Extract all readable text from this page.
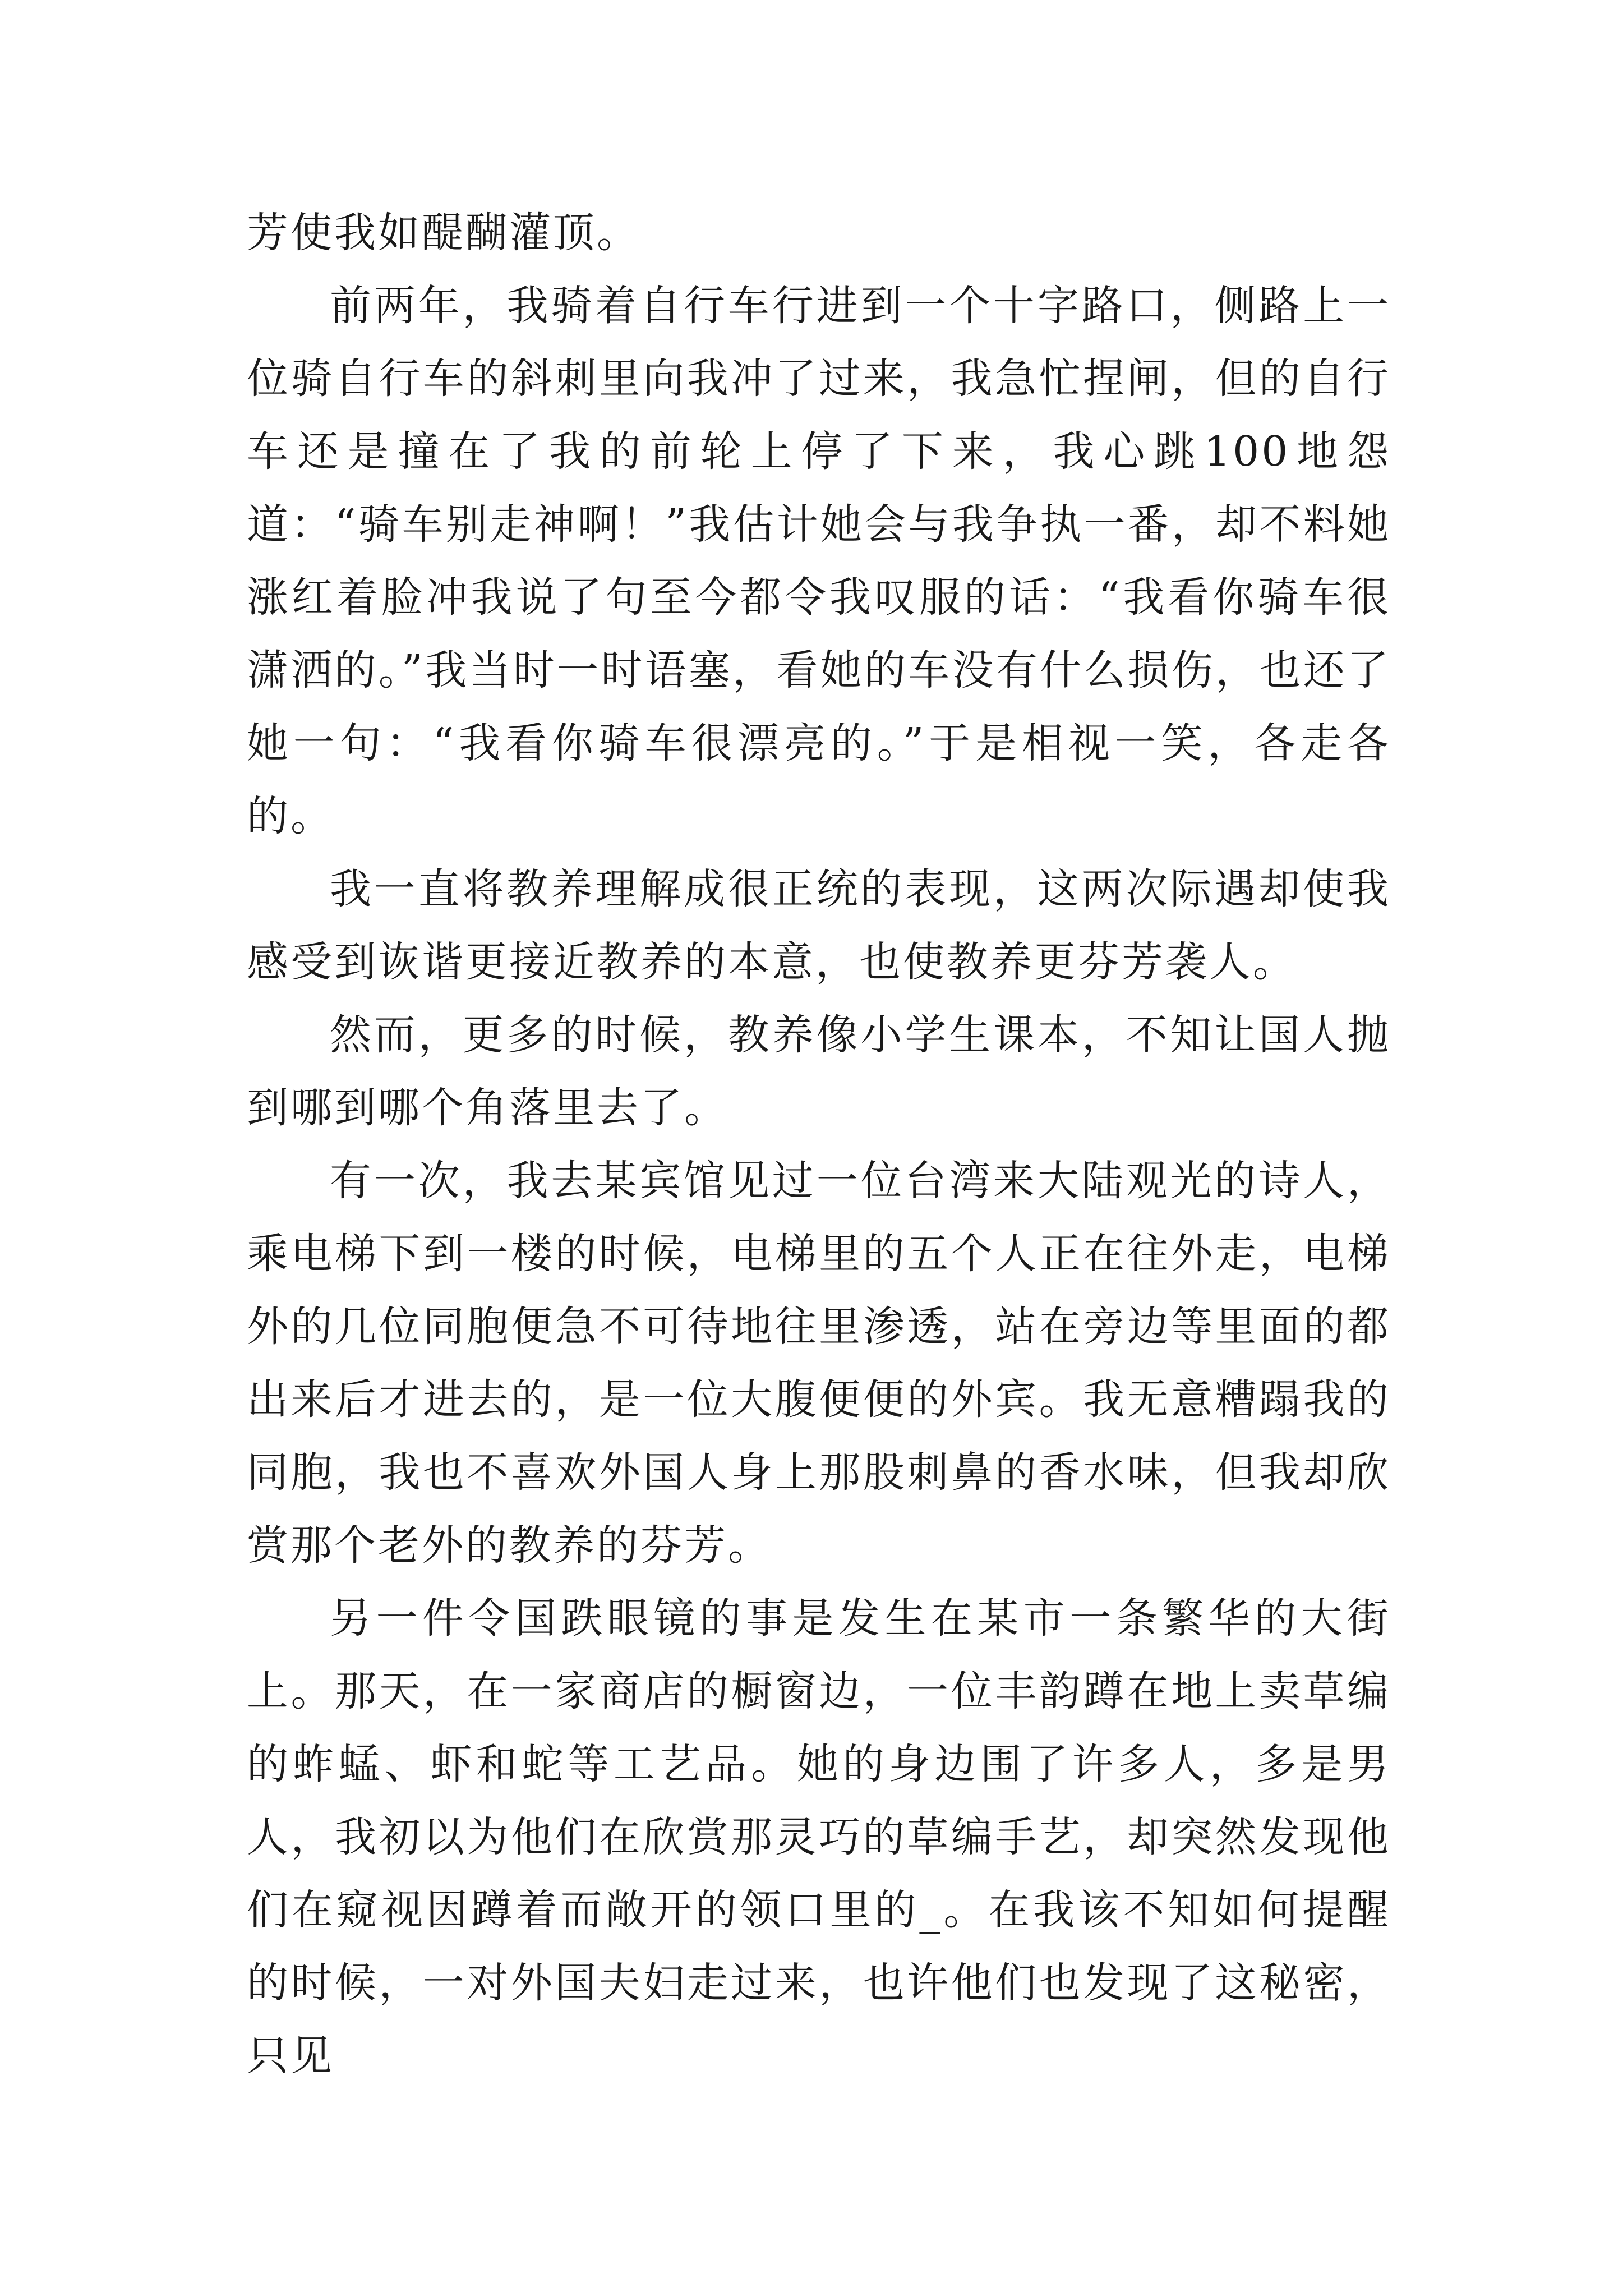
芳使我如醍醐灌顶。

前两年，我骑着自行车行进到一个十字路口，侧路上一位骑自行车的斜刺里向我冲了过来，我急忙捏闸，但的自行车还是撞在了我的前轮上停了下来，我心跳100地怨道：“骑车别走神啊！”我估计她会与我争执一番，却不料她涨红着脸冲我说了句至今都令我叹服的话：“我看你骑车很潇洒的。”我当时一时语塞，看她的车没有什么损伤，也还了她一句：“我看你骑车很漂亮的。”于是相视一笑，各走各的。

我一直将教养理解成很正统的表现，这两次际遇却使我感受到诙谐更接近教养的本意，也使教养更芬芳袭人。

然而，更多的时候，教养像小学生课本，不知让国人抛到哪到哪个角落里去了。

有一次，我去某宾馆见过一位台湾来大陆观光的诗人，乘电梯下到一楼的时候，电梯里的五个人正在往外走，电梯外的几位同胞便急不可待地往里渗透，站在旁边等里面的都出来后才进去的，是一位大腹便便的外宾。我无意糟蹋我的同胞，我也不喜欢外国人身上那股刺鼻的香水味，但我却欣赏那个老外的教养的芬芳。

另一件令国跌眼镜的事是发生在某市一条繁华的大街上。那天，在一家商店的橱窗边，一位丰韵蹲在地上卖草编的蚱蜢、虾和蛇等工艺品。她的身边围了许多人，多是男人，我初以为他们在欣赏那灵巧的草编手艺，却突然发现他们在窥视因蹲着而敞开的领口里的_。在我该不知如何提醒的时候，一对外国夫妇走过来，也许他们也发现了这秘密，只见
